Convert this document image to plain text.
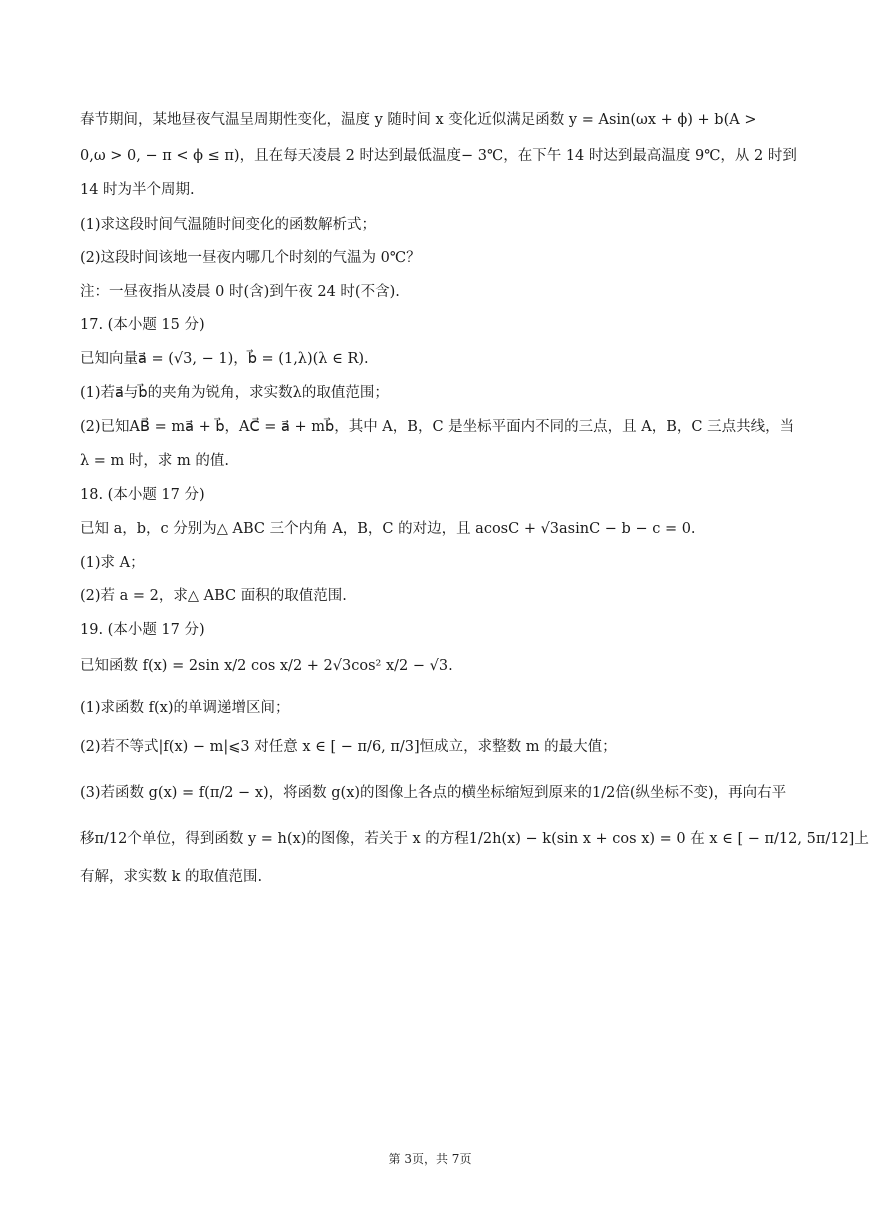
春节期间，某地昼夜气温呈周期性变化，温度 y 随时间 x 变化近似满足函数 y = Asin(ωx + ϕ) + b(A >
0,ω > 0, − π < ϕ ≤ π)，且在每天凌晨 2 时达到最低温度− 3℃，在下午 14 时达到最高温度 9℃，从 2 时到
14 时为半个周期.
(1)求这段时间气温随时间变化的函数解析式；
(2)这段时间该地一昼夜内哪几个时刻的气温为 0℃？
注：一昼夜指从凌晨 0 时(含)到午夜 24 时(不含).
17. (本小题 15 分)
已知向量a⃗ = (√3, − 1)，b⃗ = (1,λ)(λ ∈ R).
(1)若a⃗与b⃗的夹角为锐角，求实数λ的取值范围；
(2)已知AB⃗ = ma⃗ + b⃗，AC⃗ = a⃗ + mb⃗，其中 A，B，C 是坐标平面内不同的三点，且 A，B，C 三点共线，当
λ = m 时，求 m 的值.
18. (本小题 17 分)
已知 a，b，c 分别为△ ABC 三个内角 A，B，C 的对边，且 acosC + √3asinC − b − c = 0.
(1)求 A；
(2)若 a = 2，求△ ABC 面积的取值范围.
19. (本小题 17 分)
已知函数 f(x) = 2sin x/2 cos x/2 + 2√3cos² x/2 − √3.
(1)求函数 f(x)的单调递增区间；
(2)若不等式|f(x) − m|⩽3 对任意 x ∈ [ − π/6, π/3]恒成立，求整数 m 的最大值；
(3)若函数 g(x) = f(π/2 − x)，将函数 g(x)的图像上各点的横坐标缩短到原来的1/2倍(纵坐标不变)，再向右平
移π/12个单位，得到函数 y = h(x)的图像，若关于 x 的方程1/2h(x) − k(sin x + cos x) = 0 在 x ∈ [ − π/12, 5π/12]上
有解，求实数 k 的取值范围.
第 3页，共 7页
